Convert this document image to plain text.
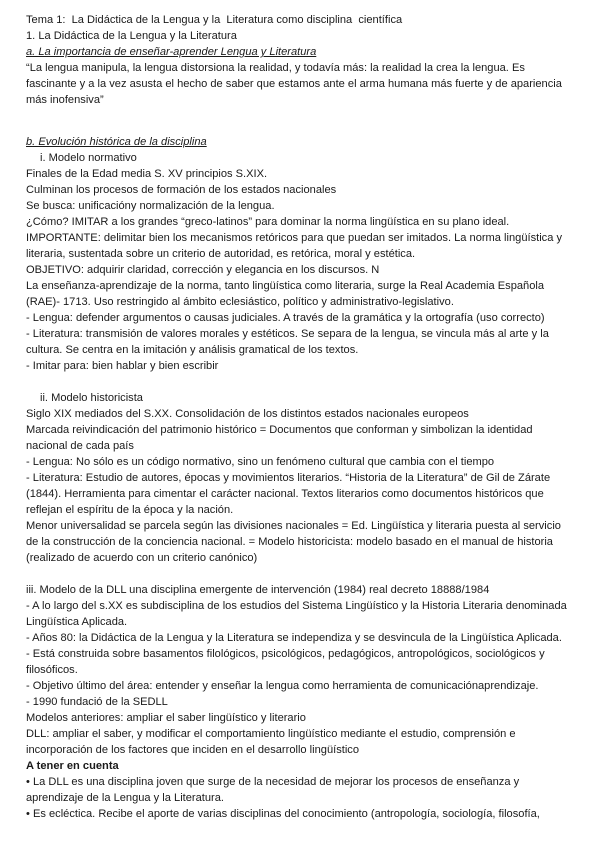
Tema 1:  La Didáctica de la Lengua y la  Literatura como disciplina  científica

1. La Didáctica de la Lengua y la Literatura

a. La importancia de enseñar-aprender Lengua y Literatura

“La lengua manipula, la lengua distorsiona la realidad, y todavía más: la realidad la crea la lengua. Es fascinante y a la vez asusta el hecho de saber que estamos ante el arma humana más fuerte y de apariencia más inofensiva”

b. Evolución histórica de la disciplina

i. Modelo normativo

Finales de la Edad media S. XV principios S.XIX.

Culminan los procesos de formación de los estados nacionales

Se busca: unificacióny normalización de la lengua.

¿Cómo? IMITAR a los grandes “greco-latinos” para dominar la norma lingüística en su plano ideal.

IMPORTANTE: delimitar bien los mecanismos retóricos para que puedan ser imitados. La norma lingüística y literaria, sustentada sobre un criterio de autoridad, es retórica, moral y estética.

OBJETIVO: adquirir claridad, corrección y elegancia en los discursos. N

La enseñanza-aprendizaje de la norma, tanto lingüística como literaria, surge la Real Academia Española (RAE)- 1713. Uso restringido al ámbito eclesiástico, político y administrativo-legislativo.

- Lengua: defender argumentos o causas judiciales. A través de la gramática y la ortografía (uso correcto)

- Literatura: transmisión de valores morales y estéticos. Se separa de la lengua, se vincula más al arte y la cultura. Se centra en la imitación y análisis gramatical de los textos.

- Imitar para: bien hablar y bien escribir

ii. Modelo historicista

Siglo XIX mediados del S.XX. Consolidación de los distintos estados nacionales europeos

Marcada reivindicación del patrimonio histórico = Documentos que conforman y simbolizan la identidad nacional de cada país

- Lengua: No sólo es un código normativo, sino un fenómeno cultural que cambia con el tiempo

- Literatura: Estudio de autores, épocas y movimientos literarios. “Historia de la Literatura” de Gil de Zárate (1844). Herramienta para cimentar el carácter nacional. Textos literarios como documentos históricos que reflejan el espíritu de la época y la nación.

Menor universalidad se parcela según las divisiones nacionales = Ed. Lingüística y literaria puesta al servicio de la construcción de la conciencia nacional. = Modelo historicista: modelo basado en el manual de historia (realizado de acuerdo con un criterio canónico)

iii. Modelo de la DLL una disciplina emergente de intervención (1984) real decreto 18888/1984

- A lo largo del s.XX es subdisciplina de los estudios del Sistema Lingüístico y la Historia Literaria denominada Lingüística Aplicada.

- Años 80: la Didáctica de la Lengua y la Literatura se independiza y se desvincula de la Lingüística Aplicada.

- Está construida sobre basamentos filológicos, psicológicos, pedagógicos, antropológicos, sociológicos y filosóficos.

- Objetivo último del área: entender y enseñar la lengua como herramienta de comunicaciónaprendizaje.

- 1990 fundació de la SEDLL

Modelos anteriores: ampliar el saber lingüístico y literario

DLL: ampliar el saber, y modificar el comportamiento lingüístico mediante el estudio, comprensión e incorporación de los factores que inciden en el desarrollo lingüístico

A tener en cuenta

• La DLL es una disciplina joven que surge de la necesidad de mejorar los procesos de enseñanza y aprendizaje de la Lengua y la Literatura.

• Es ecléctica. Recibe el aporte de varias disciplinas del conocimiento (antropología, sociología, filosofía,
